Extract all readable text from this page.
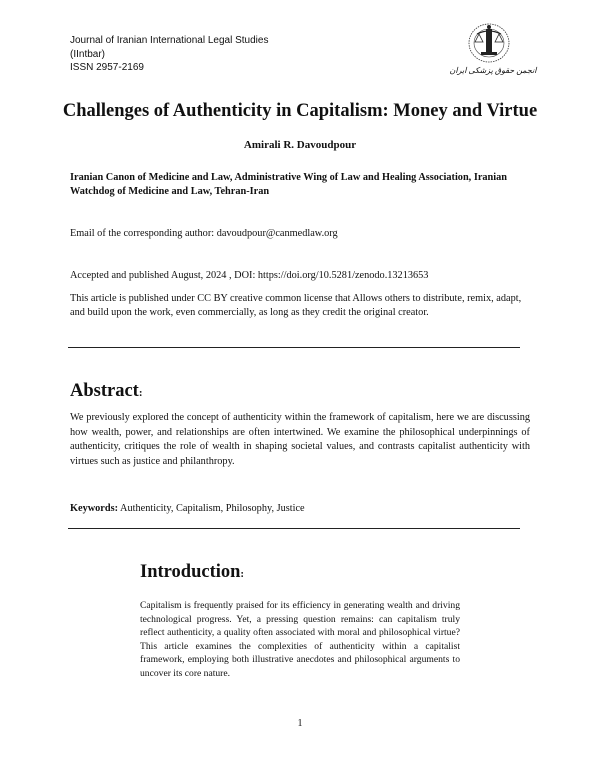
Journal of Iranian International Legal Studies
(IIntbar)
ISSN 2957-2169	انجمن حقوق پزشکی ایران
Challenges of Authenticity in Capitalism: Money and Virtue
Amirali R. Davoudpour
Iranian Canon of Medicine and Law, Administrative Wing of Law and Healing Association, Iranian Watchdog of Medicine and Law, Tehran-Iran
Email of the corresponding author: davoudpour@canmedlaw.org
Accepted and published August, 2024 , DOI: https://doi.org/10.5281/zenodo.13213653
This article is published under CC BY creative common license that Allows others to distribute, remix, adapt, and build upon the work, even commercially, as long as they credit the original creator.
Abstract:
We previously explored the concept of authenticity within the framework of capitalism, here we are discussing how wealth, power, and relationships are often intertwined. We examine the philosophical underpinnings of authenticity, critiques the role of wealth in shaping societal values, and contrasts capitalist authenticity with virtues such as justice and philanthropy.
Keywords: Authenticity, Capitalism, Philosophy, Justice
Introduction:
Capitalism is frequently praised for its efficiency in generating wealth and driving technological progress. Yet, a pressing question remains: can capitalism truly reflect authenticity, a quality often associated with moral and philosophical virtue? This article examines the complexities of authenticity within a capitalist framework, employing both illustrative anecdotes and philosophical arguments to uncover its core nature.
1
